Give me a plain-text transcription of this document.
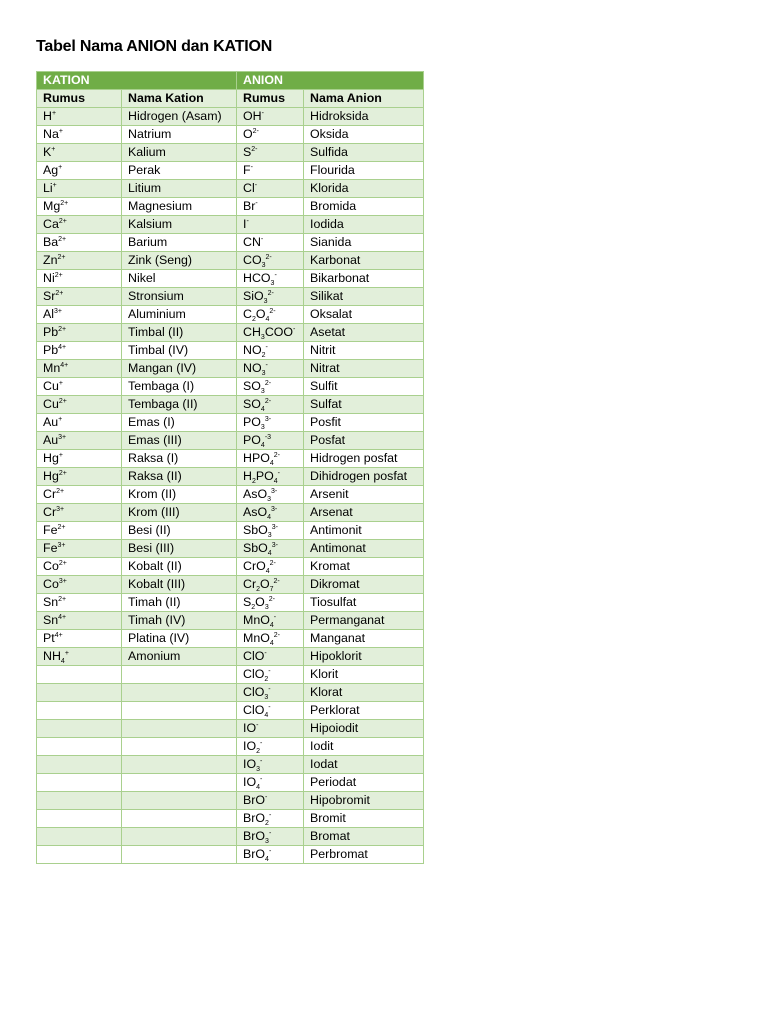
Tabel Nama ANION dan KATION
KATION		ANION	
Rumus	Nama Kation	Rumus	Nama Anion
H+	Hidrogen (Asam)	OH-	Hidroksida
Na+	Natrium	$O^{2-}$	Oksida
K+	Kalium	$S^{2-}$	Sulfida
Ag+	Perak	F-	Flourida
Li+	Litium	Cl-	Klorida
$Mg^{2+}$	Magnesium	Br-	Bromida
$Ca^{2+}$	Kalsium	I-	Iodida
$Ba^{2+}$	Barium	CN-	Sianida
$Zn^{2+}$	Zink (Seng)	$CO_3^{2-}$	Karbonat
$Ni^{2+}$	Nikel	$HCO_3^-$	Bikarbonat
$Sr^{2+}$	Stronsium	SiO$_3^{2-}$	Silikat
$Al^{3+}$	Aluminium	$C_2O_4^{2-}$	Oksalat
$Pb^{2+}$	Timbal (II)	$CH_3COO^-$	Asetat
$Pb^{4+}$	Timbal (IV)	$NO_2^-$	Nitrit
$Mn^{4+}$	Mangan (IV)	$NO_3^-$	Nitrat
Cu+	Tembaga (I)	$SO_3^{2-}$	Sulfit
$Cu^{2+}$	Tembaga (II)	$SO_4^{2-}$	Sulfat
Au+	Emas (I)	$PO_3^{3-}$	Posfit
$Au^{3+}$	Emas (III)	$PO_4^{-3}$	Posfat
Hg+	Raksa (I)	$HPO_4^{2-}$	Hidrogen posfat
$Hg^{2+}$	Raksa (II)	$H_2PO_4^-$	Dihidrogen posfat
$Cr^{2+}$	Krom (II)	AsO$_3^{3-}$	Arsenit
$Cr^{3+}$	Krom (III)	AsO$_4^{3-}$	Arsenat
$Fe^{2+}$	Besi (II)	SbO$_3^{3-}$	Antimonit
$Fe^{3+}$	Besi (III)	SbO$_4^{3-}$	Antimonat
$Co^{2+}$	Kobalt (II)	CrO$_4^{2-}$	Kromat
$Co^{3+}$	Kobalt (III)	$Cr_2O_7^{2-}$	Dikromat
$Sn^{2+}$	Timah (II)	$S_2O_3^{2-}$	Tiosulfat
$Sn^{4+}$	Timah (IV)	MnO$_4$-	Permanganat
$Pt^{4+}$	Platina (IV)	MnO$_4^{2-}$	Manganat
$NH_4^+$	Amonium	ClO-	Hipoklorit
		ClO$_2$-	Klorit
		ClO$_3$-	Klorat
		ClO$_4$-	Perklorat
		IO-	Hipoiodit
		$IO_2^-$	Iodit
		$IO_3^-$	Iodat
		$IO_4^-$	Periodat
		BrO-	Hipobromit
		BrO$_2$-	Bromit
		BrO$_3$-	Bromat
		BrO$_4$-	Perbromat
